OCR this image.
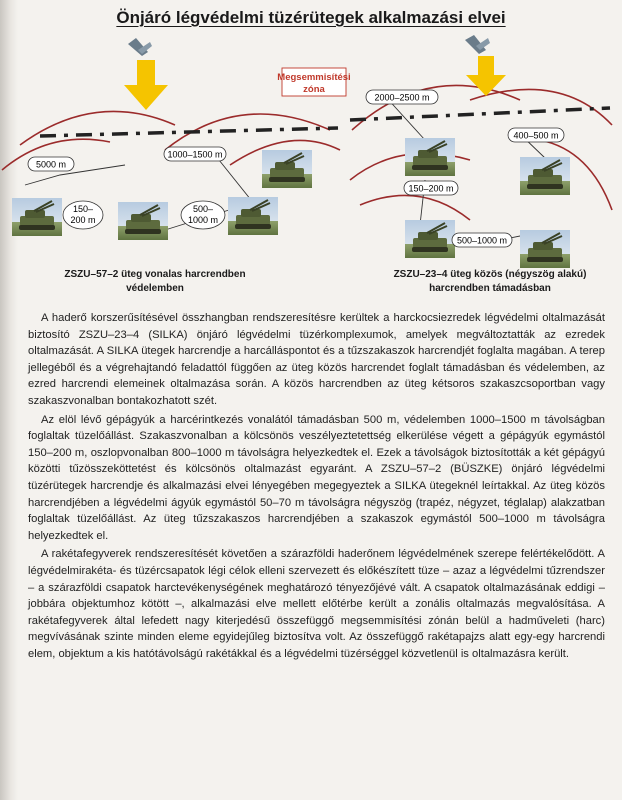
Önjáró légvédelmi tüzérütegek alkalmazási elvei
5000 m
1000–1500 m
150–
200 m
500–
1000 m
Megsemmisítési
zóna
2000–2500 m
400–500 m
150–200 m
500–1000 m
ZSZU–57–2 üteg vonalas harcrendben védelemben
ZSZU–23–4 üteg közös (négyszög alakú) harcrendben támadásban

A haderő korszerűsítésével összhangban rendszeresítésre kerültek a harckocsiezredek légvédelmi oltalmazását biztosító ZSZU–23–4 (SILKA) önjáró légvédelmi tüzérkomplexumok, amelyek megváltoztatták az ezredek oltalmazását. A SILKA ütegek harcrendje a harcálláspontot és a tűzszakaszok harcrendjét foglalta magában. A terep jellegéből és a végrehajtandó feladattól függően az üteg közös harcrendet foglalt támadásban és védelemben, az ezred harcrendi elemeinek oltalmazása során. A közös harcrendben az üteg kétsoros szakaszcsoportban vagy szakaszvonalban bontakozhatott szét.

Az elöl lévő gépágyúk a harcérintkezés vonalától támadásban 500 m, védelemben 1000–1500 m távolságban foglaltak tüzelőállást. Szakaszvonalban a kölcsönös veszélyeztetettség elkerülése végett a gépágyúk egymástól 150–200 m, oszlopvonalban 800–1000 m távolságra helyezkedtek el. Ezek a távolságok biztosították a két gépágyú közötti tűzösszeköttetést és kölcsönös oltalmazást egyaránt. A ZSZU–57–2 (BÜSZKE) önjáró légvédelmi tüzérütegek harcrendje és alkalmazási elvei lényegében megegyeztek a SILKA ütegeknél leírtakkal. Az üteg közös harcrendjében a légvédelmi ágyúk egymástól 50–70 m távolságra négyszög (trapéz, négyzet, téglalap) alakzatban foglaltak tüzelőállást. Az üteg tűzszakaszos harcrendjében a szakaszok egymástól 500–1000 m távolságra helyezkedtek el.

A rakétafegyverek rendszeresítését követően a szárazföldi haderőnem légvédelmének szerepe felértékelődött. A légvédelmirakéta- és tüzércsapatok légi célok elleni szervezett és előkészített tüze – azaz a légvédelmi tűzrendszer – a szárazföldi csapatok harctevékenységének meghatározó tényezőjévé vált. A csapatok oltalmazásának eddigi – jobbára objektumhoz kötött –, alkalmazási elve mellett előtérbe került a zonális oltalmazás megvalósítása. A rakétafegyverek által lefedett nagy kiterjedésű összefüggő megsemmisítési zónán belül a hadműveleti (harc) megvívásának szinte minden eleme egyidejűleg biztosítva volt. Az összefüggő rakétapajzs alatt egy-egy harcrendi elem, objektum a kis hatótávolságú rakétákkal és a légvédelmi tüzérséggel közvetlenül is oltalmazásra került.
